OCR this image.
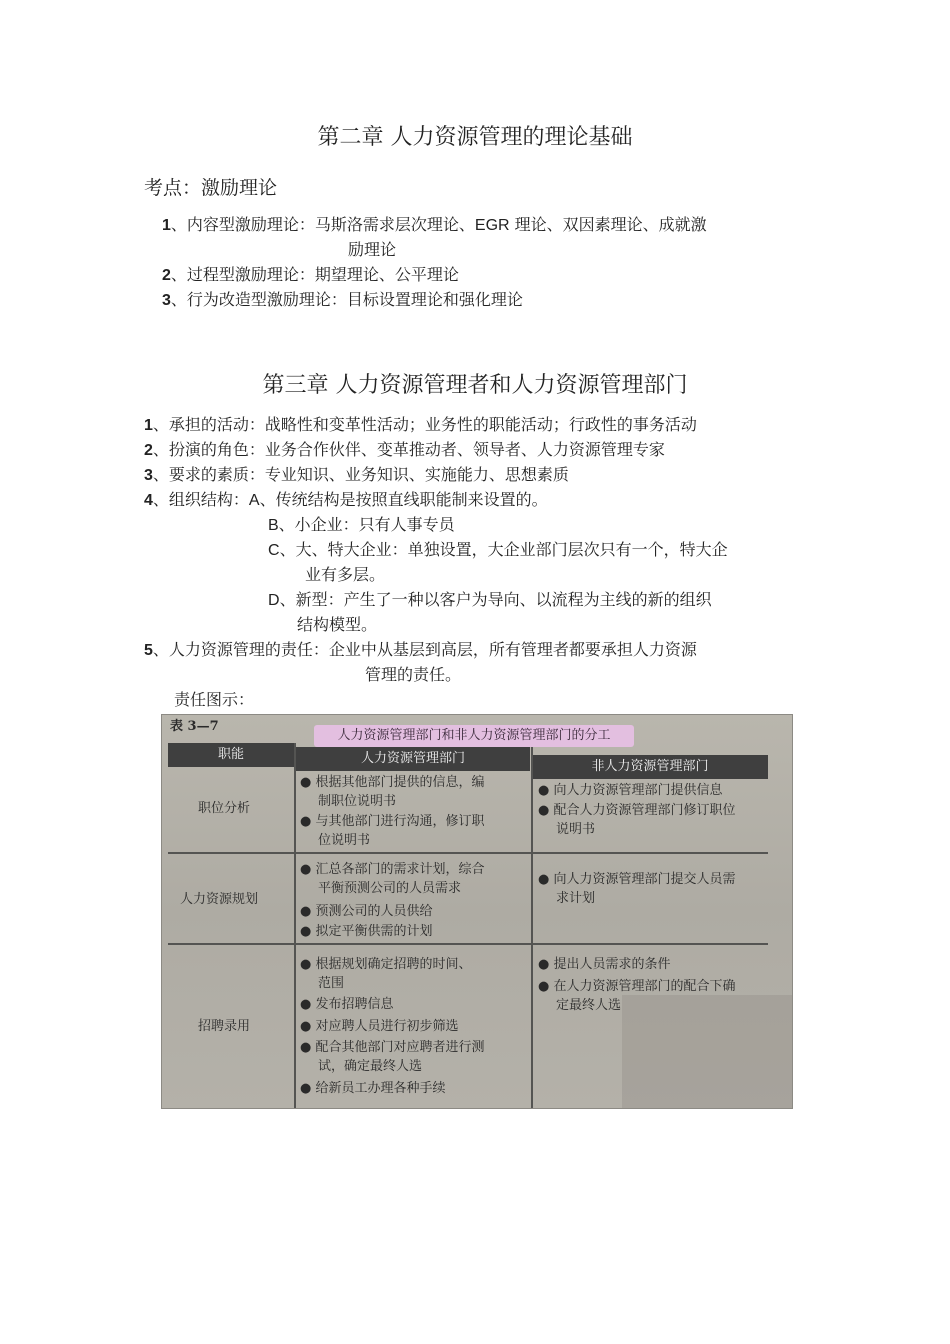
第二章 人力资源管理的理论基础
考点：激励理论
1、内容型激励理论：马斯洛需求层次理论、EGR 理论、双因素理论、成就激
励理论
2、过程型激励理论：期望理论、公平理论
3、行为改造型激励理论：目标设置理论和强化理论
第三章 人力资源管理者和人力资源管理部门
1、承担的活动：战略性和变革性活动；业务性的职能活动；行政性的事务活动
2、扮演的角色：业务合作伙伴、变革推动者、领导者、人力资源管理专家
3、要求的素质：专业知识、业务知识、实施能力、思想素质
4、组织结构：A、传统结构是按照直线职能制来设置的。
B、小企业：只有人事专员
C、大、特大企业：单独设置，大企业部门层次只有一个，特大企
业有多层。
D、新型：产生了一种以客户为导向、以流程为主线的新的组织
结构模型。
5、人力资源管理的责任：企业中从基层到高层，所有管理者都要承担人力资源
管理的责任。
责任图示：
表 3—7
人力资源管理部门和非人力资源管理部门的分工
职能	人力资源管理部门
非人力资源管理部门
职位分析
● 根据其他部门提供的信息，编
制职位说明书
● 与其他部门进行沟通，修订职
位说明书
● 向人力资源管理部门提供信息
● 配合人力资源管理部门修订职位
说明书
人力资源规划
● 汇总各部门的需求计划，综合
平衡预测公司的人员需求
● 预测公司的人员供给
● 拟定平衡供需的计划
● 向人力资源管理部门提交人员需
求计划
招聘录用
● 根据规划确定招聘的时间、
范围
● 发布招聘信息
● 对应聘人员进行初步筛选
● 配合其他部门对应聘者进行测
试，确定最终人选
● 给新员工办理各种手续
● 提出人员需求的条件
● 在人力资源管理部门的配合下确
定最终人选
